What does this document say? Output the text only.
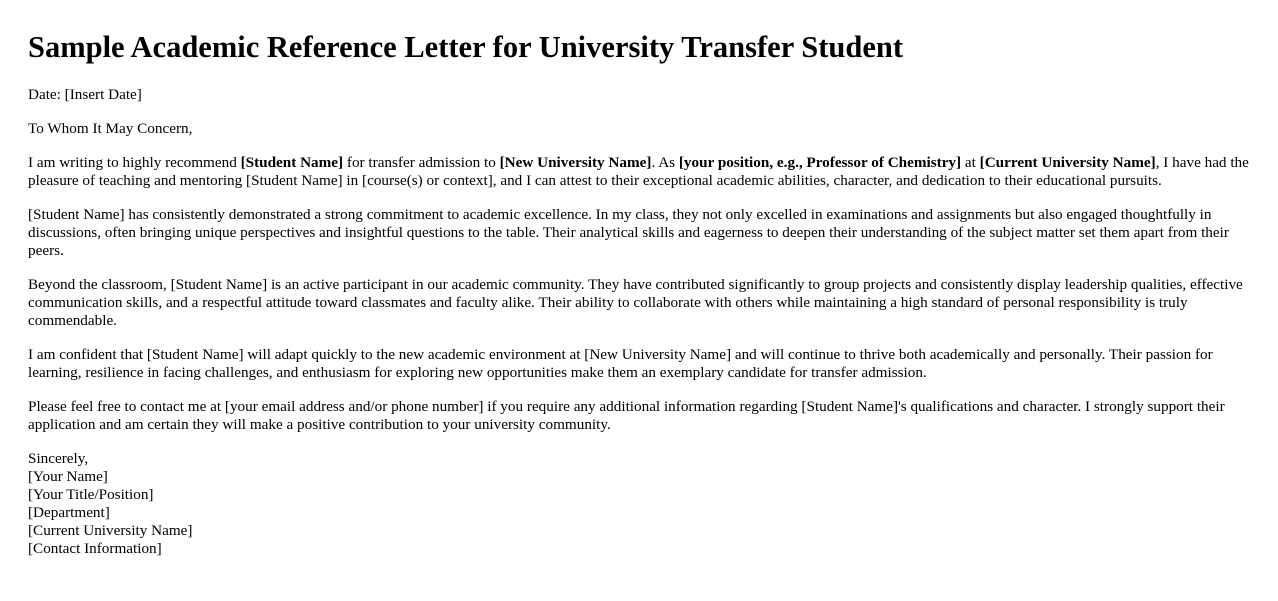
Sample Academic Reference Letter for University Transfer Student

Date: [Insert Date]

To Whom It May Concern,

I am writing to highly recommend [Student Name] for transfer admission to [New University Name]. As [your position, e.g., Professor of Chemistry] at [Current University Name], I have had the pleasure of teaching and mentoring [Student Name] in [course(s) or context], and I can attest to their exceptional academic abilities, character, and dedication to their educational pursuits.

[Student Name] has consistently demonstrated a strong commitment to academic excellence. In my class, they not only excelled in examinations and assignments but also engaged thoughtfully in discussions, often bringing unique perspectives and insightful questions to the table. Their analytical skills and eagerness to deepen their understanding of the subject matter set them apart from their peers.

Beyond the classroom, [Student Name] is an active participant in our academic community. They have contributed significantly to group projects and consistently display leadership qualities, effective communication skills, and a respectful attitude toward classmates and faculty alike. Their ability to collaborate with others while maintaining a high standard of personal responsibility is truly commendable.

I am confident that [Student Name] will adapt quickly to the new academic environment at [New University Name] and will continue to thrive both academically and personally. Their passion for learning, resilience in facing challenges, and enthusiasm for exploring new opportunities make them an exemplary candidate for transfer admission.

Please feel free to contact me at [your email address and/or phone number] if you require any additional information regarding [Student Name]'s qualifications and character. I strongly support their application and am certain they will make a positive contribution to your university community.

Sincerely,
[Your Name]
[Your Title/Position]
[Department]
[Current University Name]
[Contact Information]
